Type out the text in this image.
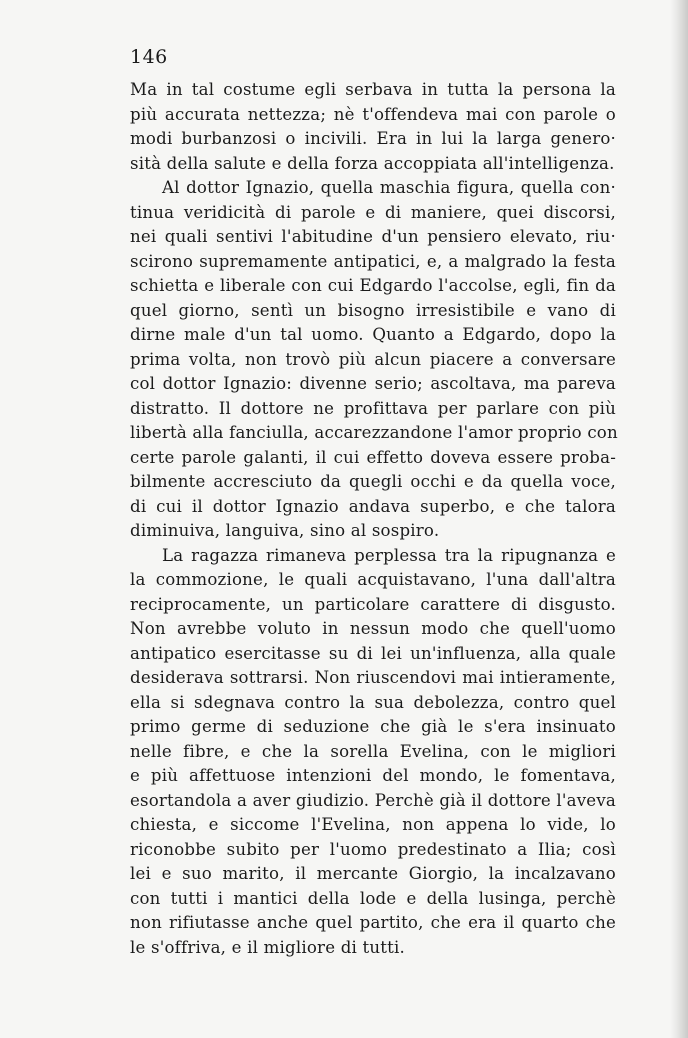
146
Ma in tal costume egli serbava in tutta la persona la
più accurata nettezza; nè t'offendeva mai con parole o
modi burbanzosi o incivili. Era in lui la larga genero·
sità della salute e della forza accoppiata all'intelligenza.
Al dottor Ignazio, quella maschia figura, quella con·
tinua veridicità di parole e di maniere, quei discorsi,
nei quali sentivi l'abitudine d'un pensiero elevato, riu·
scirono supremamente antipatici, e, a malgrado la festa
schietta e liberale con cui Edgardo l'accolse, egli, fin da
quel giorno, sentì un bisogno irresistibile e vano di
dirne male d'un tal uomo. Quanto a Edgardo, dopo la
prima volta, non trovò più alcun piacere a conversare
col dottor Ignazio: divenne serio; ascoltava, ma pareva
distratto. Il dottore ne profittava per parlare con più
libertà alla fanciulla, accarezzandone l'amor proprio con
certe parole galanti, il cui effetto doveva essere proba-
bilmente accresciuto da quegli occhi e da quella voce,
di cui il dottor Ignazio andava superbo, e che talora
diminuiva, languiva, sino al sospiro.
La ragazza rimaneva perplessa tra la ripugnanza e
la commozione, le quali acquistavano, l'una dall'altra
reciprocamente, un particolare carattere di disgusto.
Non avrebbe voluto in nessun modo che quell'uomo
antipatico esercitasse su di lei un'influenza, alla quale
desiderava sottrarsi. Non riuscendovi mai intieramente,
ella si sdegnava contro la sua debolezza, contro quel
primo germe di seduzione che già le s'era insinuato
nelle fibre, e che la sorella Evelina, con le migliori
e più affettuose intenzioni del mondo, le fomentava,
esortandola a aver giudizio. Perchè già il dottore l'aveva
chiesta, e siccome l'Evelina, non appena lo vide, lo
riconobbe subito per l'uomo predestinato a Ilia; così
lei e suo marito, il mercante Giorgio, la incalzavano
con tutti i mantici della lode e della lusinga, perchè
non rifiutasse anche quel partito, che era il quarto che
le s'offriva, e il migliore di tutti.
